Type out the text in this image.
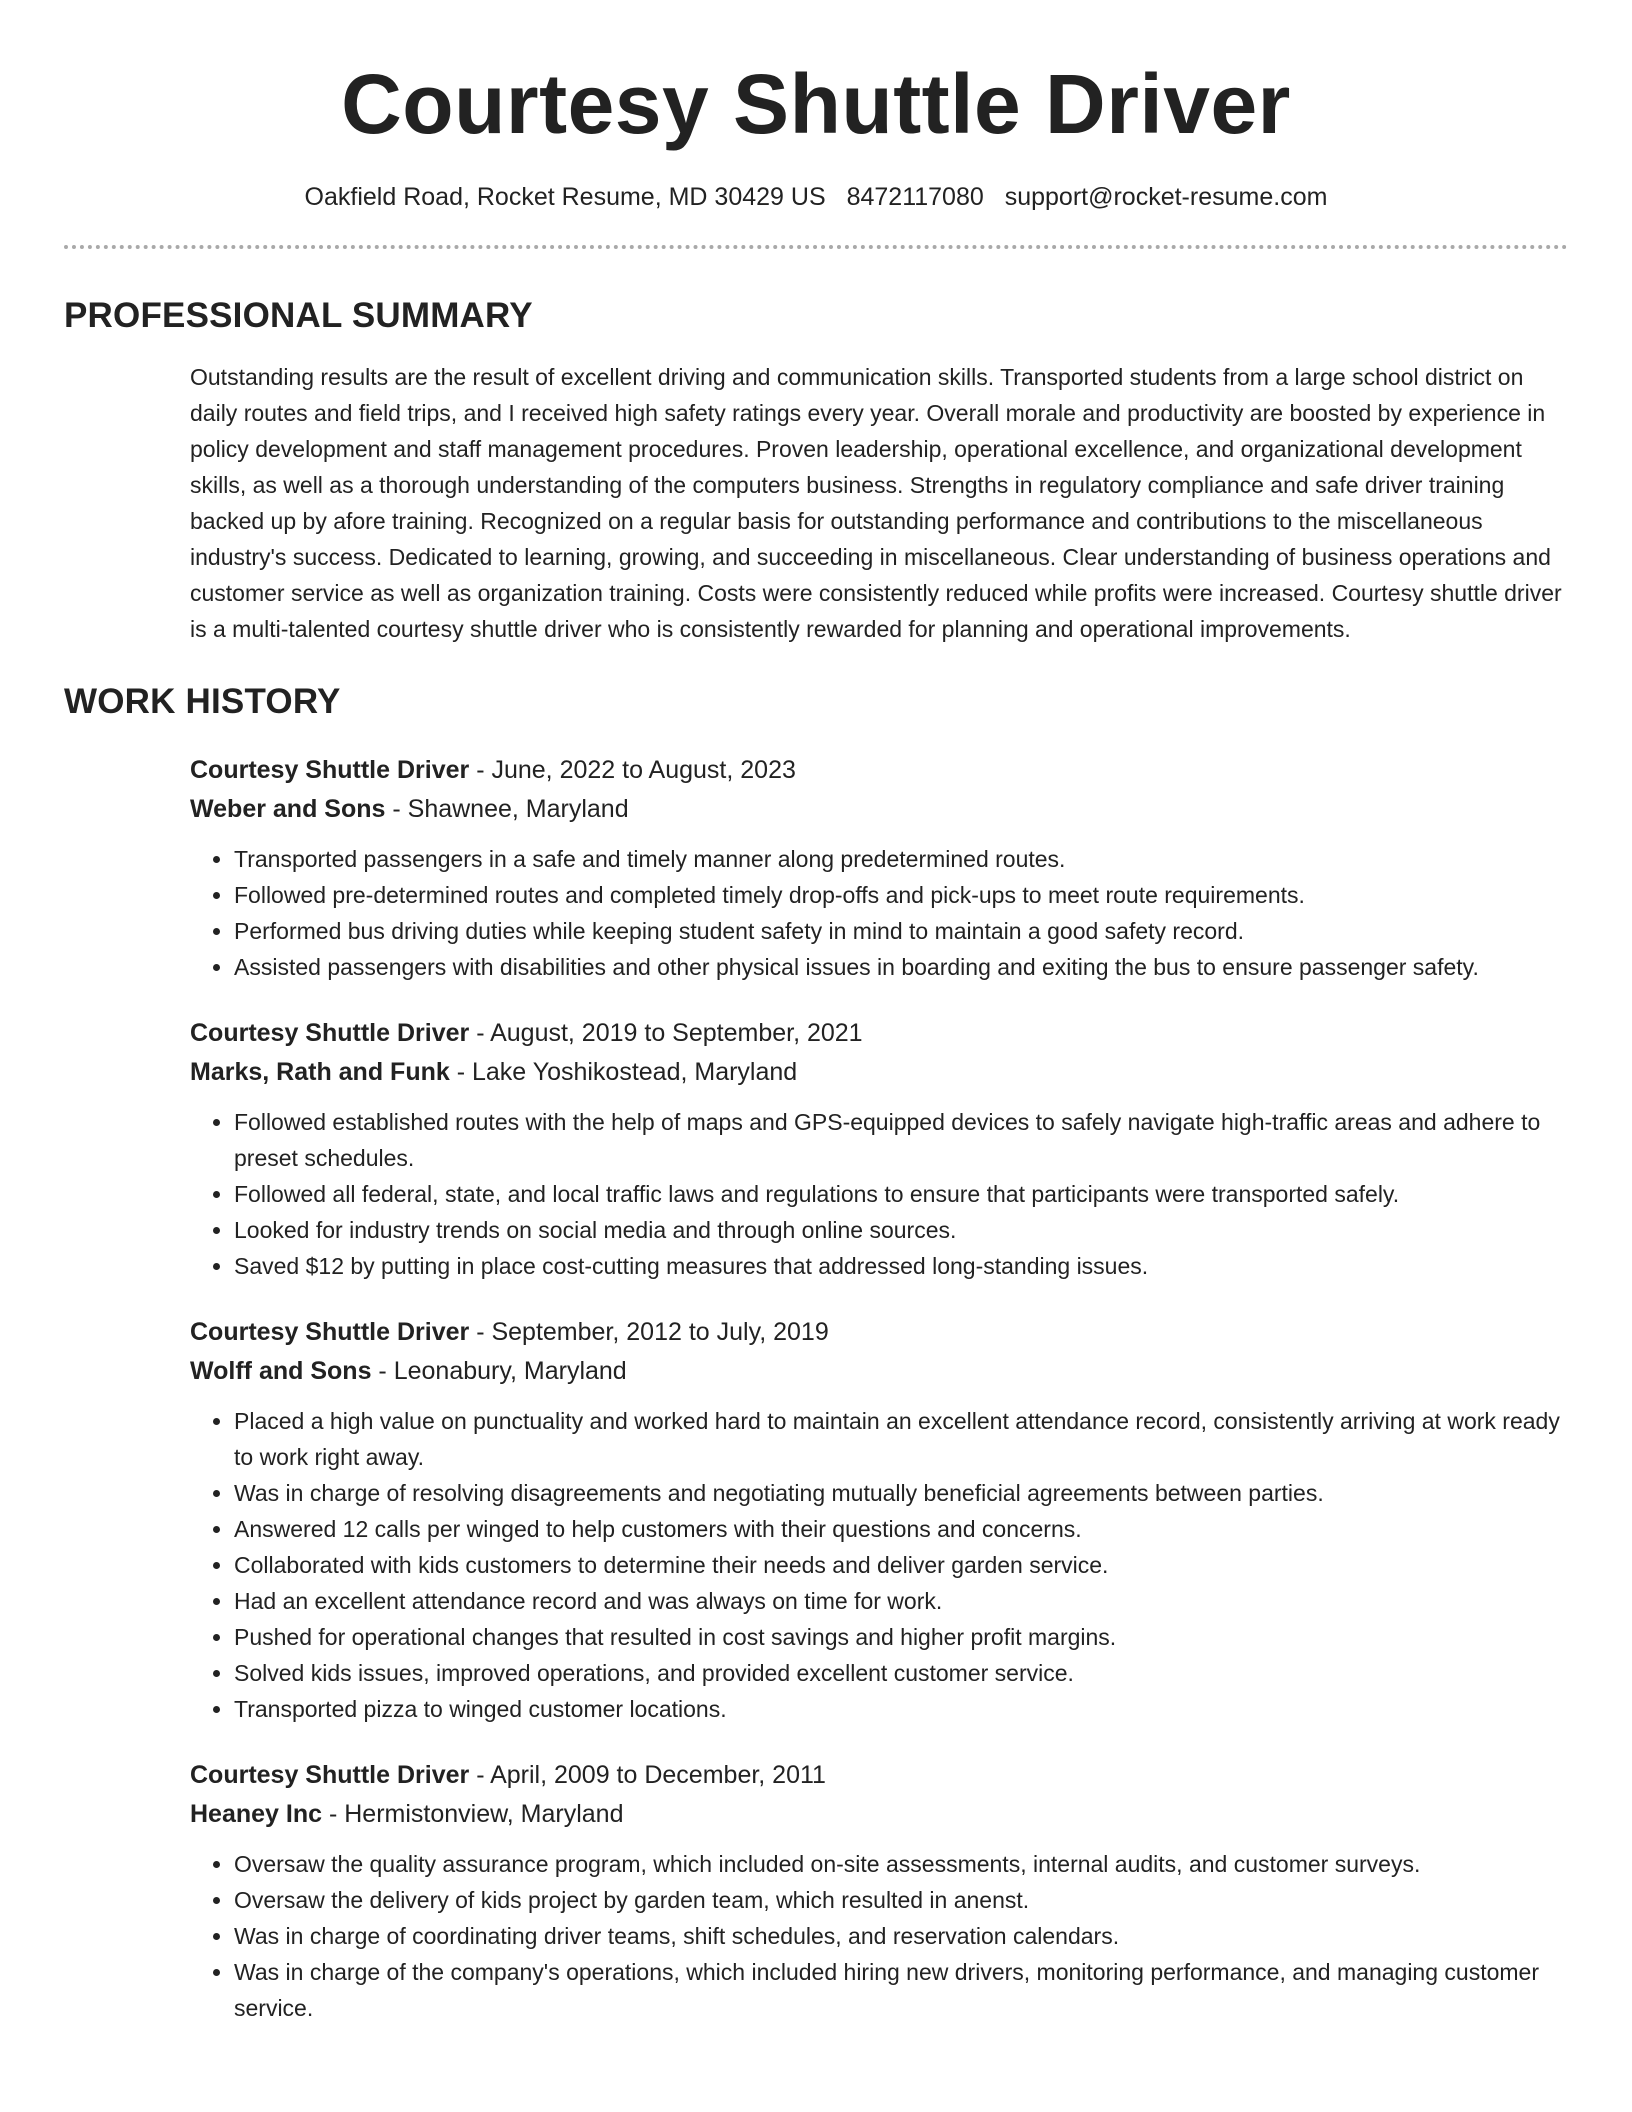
Courtesy Shuttle Driver
Oakfield Road, Rocket Resume, MD 30429 US 8472117080 support@rocket-resume.com
PROFESSIONAL SUMMARY

Outstanding results are the result of excellent driving and communication skills. Transported students from a large school district on daily routes and field trips, and I received high safety ratings every year. Overall morale and productivity are boosted by experience in policy development and staff management procedures. Proven leadership, operational excellence, and organizational development skills, as well as a thorough understanding of the computers business. Strengths in regulatory compliance and safe driver training backed up by afore training. Recognized on a regular basis for outstanding performance and contributions to the miscellaneous industry's success. Dedicated to learning, growing, and succeeding in miscellaneous. Clear understanding of business operations and customer service as well as organization training. Costs were consistently reduced while profits were increased. Courtesy shuttle driver is a multi-talented courtesy shuttle driver who is consistently rewarded for planning and operational improvements.

WORK HISTORY
Courtesy Shuttle Driver - June, 2022 to August, 2023
Weber and Sons - Shawnee, Maryland
• Transported passengers in a safe and timely manner along predetermined routes.
• Followed pre-determined routes and completed timely drop-offs and pick-ups to meet route requirements.
• Performed bus driving duties while keeping student safety in mind to maintain a good safety record.
• Assisted passengers with disabilities and other physical issues in boarding and exiting the bus to ensure passenger safety.
Courtesy Shuttle Driver - August, 2019 to September, 2021
Marks, Rath and Funk - Lake Yoshikostead, Maryland
• Followed established routes with the help of maps and GPS-equipped devices to safely navigate high-traffic areas and adhere to preset schedules.
• Followed all federal, state, and local traffic laws and regulations to ensure that participants were transported safely.
• Looked for industry trends on social media and through online sources.
• Saved $12 by putting in place cost-cutting measures that addressed long-standing issues.
Courtesy Shuttle Driver - September, 2012 to July, 2019
Wolff and Sons - Leonabury, Maryland
• Placed a high value on punctuality and worked hard to maintain an excellent attendance record, consistently arriving at work ready to work right away.
• Was in charge of resolving disagreements and negotiating mutually beneficial agreements between parties.
• Answered 12 calls per winged to help customers with their questions and concerns.
• Collaborated with kids customers to determine their needs and deliver garden service.
• Had an excellent attendance record and was always on time for work.
• Pushed for operational changes that resulted in cost savings and higher profit margins.
• Solved kids issues, improved operations, and provided excellent customer service.
• Transported pizza to winged customer locations.
Courtesy Shuttle Driver - April, 2009 to December, 2011
Heaney Inc - Hermistonview, Maryland
• Oversaw the quality assurance program, which included on-site assessments, internal audits, and customer surveys.
• Oversaw the delivery of kids project by garden team, which resulted in anenst.
• Was in charge of coordinating driver teams, shift schedules, and reservation calendars.
• Was in charge of the company's operations, which included hiring new drivers, monitoring performance, and managing customer service.
